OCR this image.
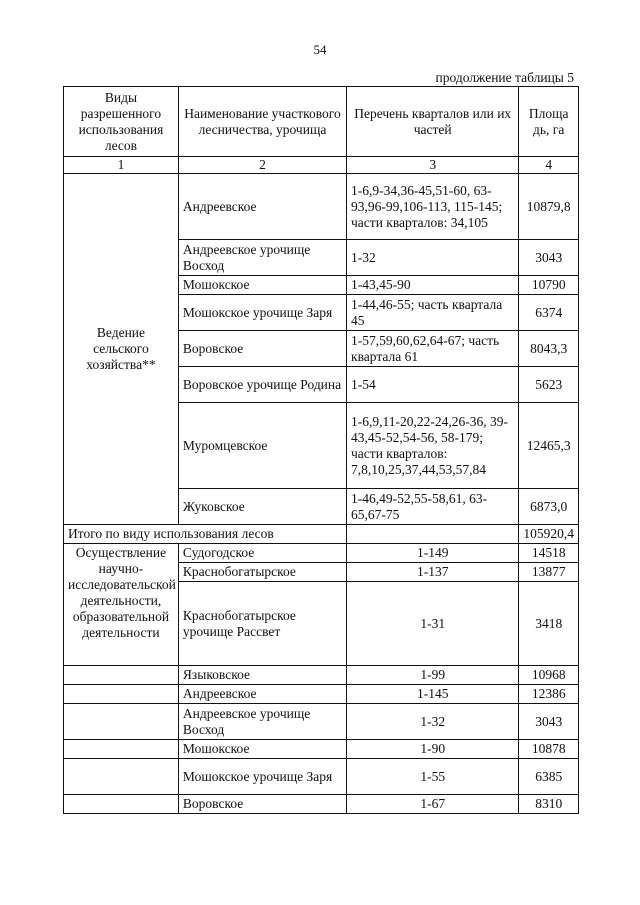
54
продолжение таблицы 5
Виды разрешенного использования лесов	Наименование участкового лесничества, урочища	Перечень кварталов или их частей	Площа дь, га
1	2	3	4
Ведение сельского хозяйства**	Андреевское	1-6,9-34,36-45,51-60, 63-93,96-99,106-113, 115-145; части кварталов: 34,105	10879,8
	Андреевское урочище Восход	1-32	3043
	Мошокское	1-43,45-90	10790
	Мошокское урочище Заря	1-44,46-55; часть квартала 45	6374
	Воровское	1-57,59,60,62,64-67; часть квартала 61	8043,3
	Воровское урочище Родина	1-54	5623
	Муромцевское	1-6,9,11-20,22-24,26-36, 39-43,45-52,54-56, 58-179; части кварталов: 7,8,10,25,37,44,53,57,84	12465,3
	Жуковское	1-46,49-52,55-58,61, 63-65,67-75	6873,0
Итого по виду использования лесов			105920,4
Осуществление научно-исследовательской деятельности, образовательной деятельности	Судогодское	1-149	14518
	Краснобогатырское	1-137	13877
	Краснобогатырское урочище Рассвет	1-31	3418
	Языковское	1-99	10968
	Андреевское	1-145	12386
	Андреевское урочище Восход	1-32	3043
	Мошокское	1-90	10878
	Мошокское урочище Заря	1-55	6385
	Воровское	1-67	8310
